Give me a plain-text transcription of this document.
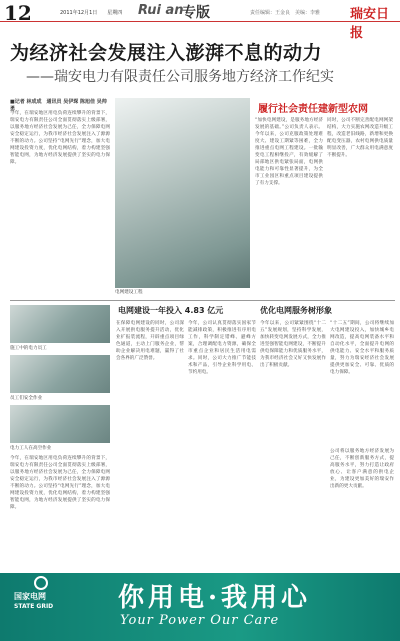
12	2011年12月1日　　星期四 Rui an
专版	责任编辑：王金良　美编：李雅 瑞安日报
为经济社会发展注入澎湃不息的动力
——瑞安电力有限责任公司服务地方经济工作纪实
■记者 林成成　通讯员 吴伊琛 陈旭佳 吴帅勇
今年，在瑞安地区用电负荷连续攀升的背景下，瑞安电力有限责任公司全面贯彻落实上级部署，以服务地方经济社会发展为己任，全力保障电网安全稳定运行，为我市经济社会发展注入了源源不断的动力。公司坚持“电网先行”理念，加大电网建设投资力度，优化电网结构，着力构建坚强智能电网，为地方经济发展提供了坚实的电力保障。
施工中的电力员工
员工们安全作业
电力工人在高空作业
电网建设工程
履行社会责任建新型农网
“加快电网建设，是服务地方经济发展的基础。”公司负责人表示。今年以来，公司克服政策处理难度大、建设工期紧等困难，全力推进重点电网工程建设。一批输变电工程相继投产，有效缓解了局部地区供电紧张局面，电网供电能力和可靠性显著提升，为全市工业园区和重点项目建设提供了有力支撑。
同时，公司不断完善配电网网架结构，大力实施农网改造升级工程，改造老旧线路，新增和更换配电变压器，农村电网供电质量明显改善，广大群众用电满意度不断提升。
电网建设一年投入 4.83 亿元	优化电网服务树形象
在保障电网建设的同时，公司深入开展供电服务提升活动，优化业扩报装流程，开辟重点项目绿色通道，主动上门服务企业，帮助企业解决用电难题，赢得了社会各界的广泛赞誉。
今年，公司认真贯彻落实国家节能减排政策，积极推进有序用电工作，科学制定错峰、避峰方案，合理调配电力资源，确保全市重点企业和居民生活用电需求。同时，公司大力推广节能技术和产品，引导企业科学用电、节约用电。
今年以来，公司紧紧围绕“十二五”发展规划，坚持科学发展，加快转变电网发展方式，全力推进坚强智能电网建设，不断提升供电保障能力和优质服务水平，为我市经济社会又好又快发展作出了积极贡献。
“十二五”期间，公司将继续加大电网建设投入，加快城乡电网改造，提高电网装备水平和自动化水平，全面提升电网的供电能力、安全水平和服务质量，努力为瑞安经济社会发展提供更加安全、可靠、优质的电力保障。
公司将以服务地方经济发展为己任，不断创新服务方式，提高服务水平，努力打造让政府放心、让客户满意的供电企业，为建设更加美好的瑞安作出新的更大贡献。
今年，在瑞安地区用电负荷连续攀升的背景下，瑞安电力有限责任公司全面贯彻落实上级部署，以服务地方经济社会发展为己任，全力保障电网安全稳定运行，为我市经济社会发展注入了源源不断的动力。公司坚持“电网先行”理念，加大电网建设投资力度，优化电网结构，着力构建坚强智能电网，为地方经济发展提供了坚实的电力保障。
国家电网
STATE GRID 你用电·我用心
Your Power Our Care
